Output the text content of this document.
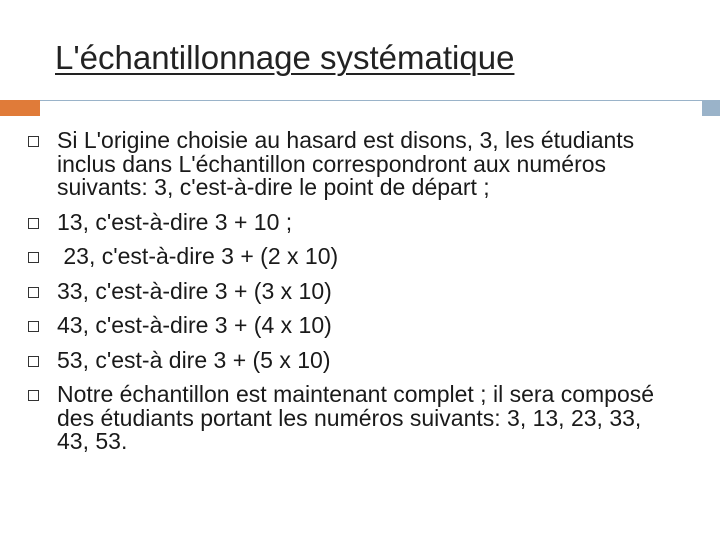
L'échantillonnage systématique
Si L'origine choisie au hasard est disons, 3, les étudiants inclus dans L'échantillon correspondront aux numéros suivants: 3, c'est-à-dire le point de départ ;
13, c'est-à-dire 3 + 10 ;
23, c'est-à-dire 3 + (2 x 10)
33, c'est-à-dire 3 + (3 x 10)
43, c'est-à-dire 3 + (4 x 10)
53, c'est-à dire 3 + (5 x 10)
Notre échantillon est maintenant complet ; il sera composé des étudiants portant les numéros suivants: 3, 13, 23, 33, 43, 53.
